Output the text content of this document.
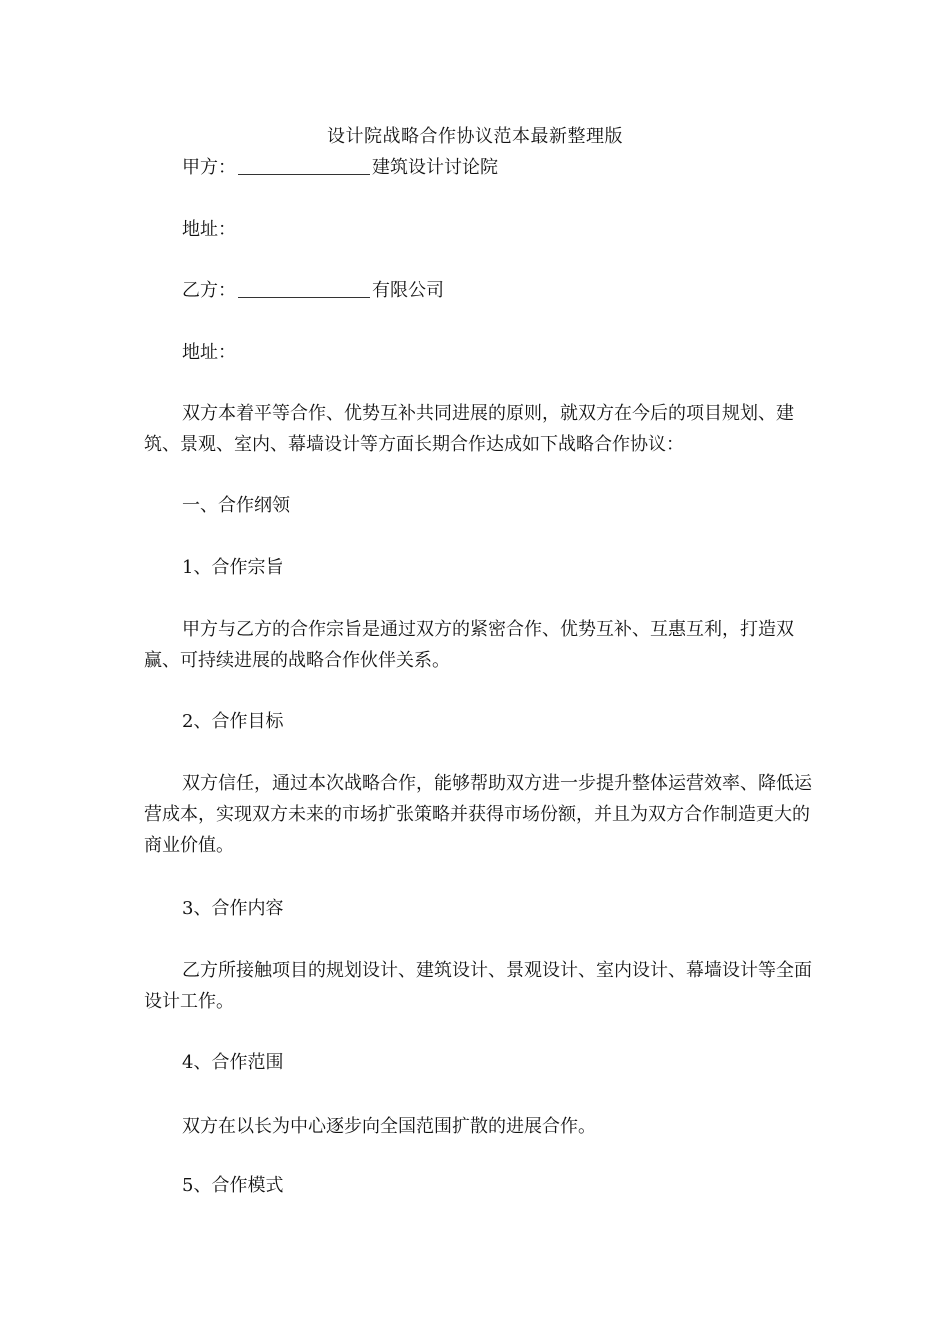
设计院战略合作协议范本最新整理版
甲方：	建筑设计讨论院
地址：
乙方：	有限公司
地址：
双方本着平等合作、优势互补共同进展的原则，就双方在今后的项目规划、建筑、景观、室内、幕墙设计等方面长期合作达成如下战略合作协议：
一、合作纲领
1、合作宗旨
甲方与乙方的合作宗旨是通过双方的紧密合作、优势互补、互惠互利，打造双赢、可持续进展的战略合作伙伴关系。
2、合作目标
双方信任，通过本次战略合作，能够帮助双方进一步提升整体运营效率、降低运营成本，实现双方未来的市场扩张策略并获得市场份额，并且为双方合作制造更大的商业价值。
3、合作内容
乙方所接触项目的规划设计、建筑设计、景观设计、室内设计、幕墙设计等全面设计工作。
4、合作范围
双方在以长为中心逐步向全国范围扩散的进展合作。
5、合作模式
